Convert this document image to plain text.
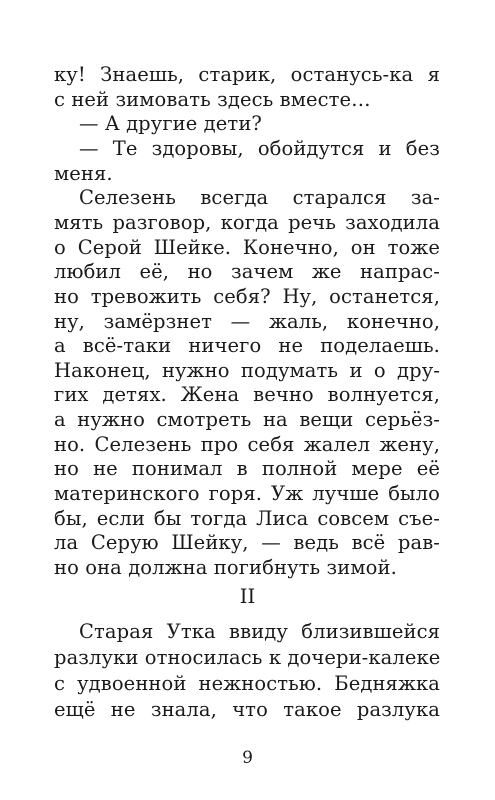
ку! Знаешь, старик, останусь-ка я
с ней зимовать здесь вместе…
— А другие дети?
— Те здоровы, обойдутся и без
меня.
Селезень всегда старался за-
мять разговор, когда речь заходила
о Серой Шейке. Конечно, он тоже
любил её, но зачем же напрас-
но тревожить себя? Ну, останется,
ну, замёрзнет — жаль, конечно,
а всё-таки ничего не поделаешь.
Наконец, нужно подумать и о дру-
гих детях. Жена вечно волнуется,
а нужно смотреть на вещи серьёз-
но. Селезень про себя жалел жену,
но не понимал в полной мере её
материнского горя. Уж лучше было
бы, если бы тогда Лиса совсем съе-
ла Серую Шейку, — ведь всё рав-
но она должна погибнуть зимой.
II
Старая Утка ввиду близившейся
разлуки относилась к дочери-калеке
с удвоенной нежностью. Бедняжка
ещё не знала, что такое разлука
9
